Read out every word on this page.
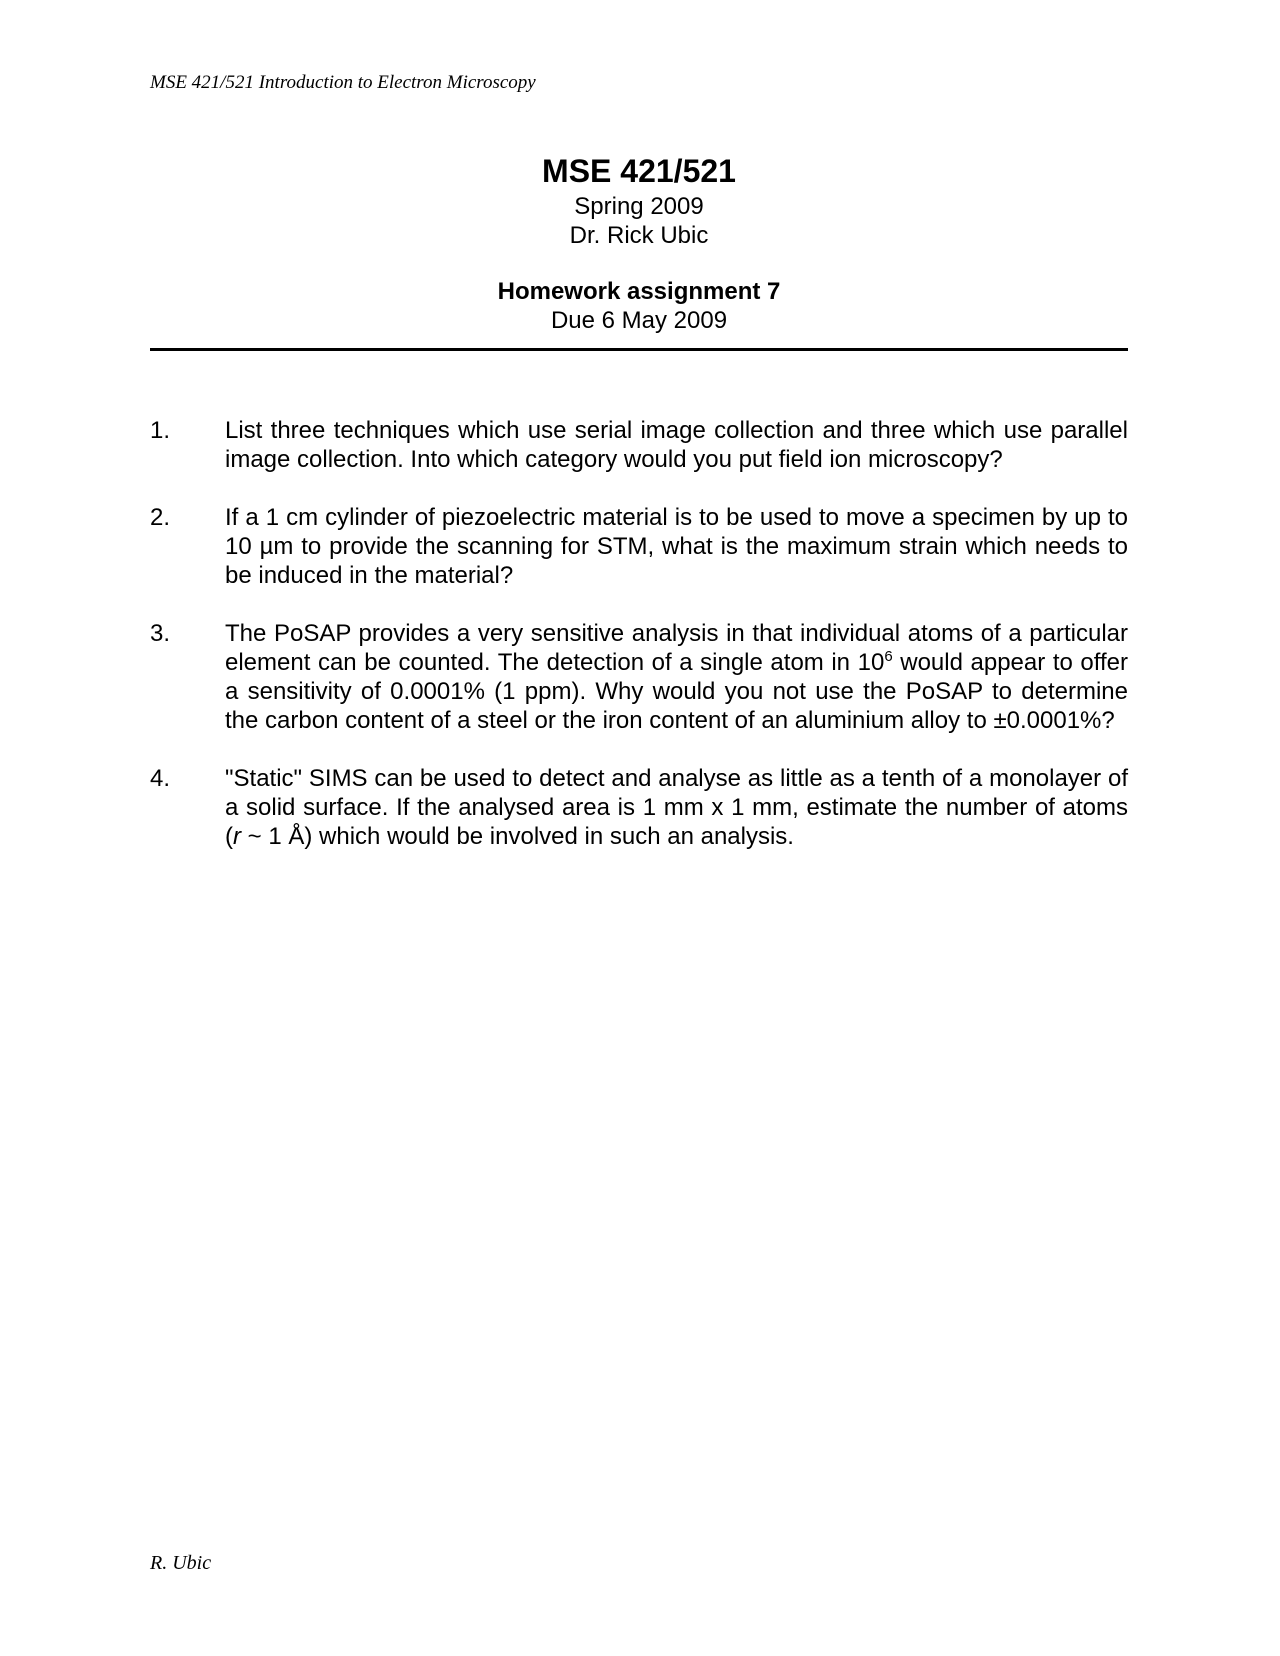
MSE 421/521 Introduction to Electron Microscopy
MSE 421/521
Spring 2009
Dr. Rick Ubic
Homework assignment 7
Due 6 May 2009
1. List three techniques which use serial image collection and three which use parallel image collection. Into which category would you put field ion microscopy?
2. If a 1 cm cylinder of piezoelectric material is to be used to move a specimen by up to 10 µm to provide the scanning for STM, what is the maximum strain which needs to be induced in the material?
3. The PoSAP provides a very sensitive analysis in that individual atoms of a particular element can be counted. The detection of a single atom in $10^6$ would appear to offer a sensitivity of 0.0001% (1 ppm). Why would you not use the PoSAP to determine the carbon content of a steel or the iron content of an aluminium alloy to ±0.0001%?
4. "Static" SIMS can be used to detect and analyse as little as a tenth of a monolayer of a solid surface. If the analysed area is 1 mm x 1 mm, estimate the number of atoms (r ~ 1 Å) which would be involved in such an analysis.
R. Ubic
